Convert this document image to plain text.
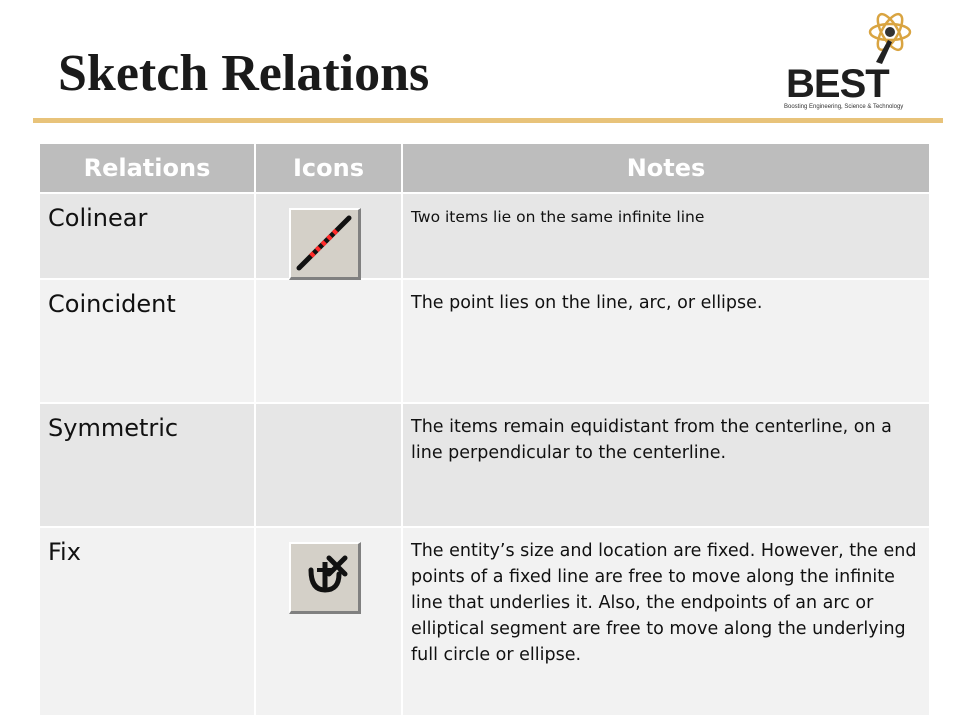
Sketch Relations	BEST
Boosting Engineering, Science & Technology
Relations	Icons	Notes

Colinear		Two items lie on the same infinite line

Coincident		The point lies on the line, arc, or ellipse.

Symmetric		The items remain equidistant from the centerline, on a line perpendicular to the centerline.

Fix		The entity’s size and location are fixed. However, the end points of a fixed line are free to move along the infinite line that underlies it. Also, the endpoints of an arc or elliptical segment are free to move along the underlying full circle or ellipse.
